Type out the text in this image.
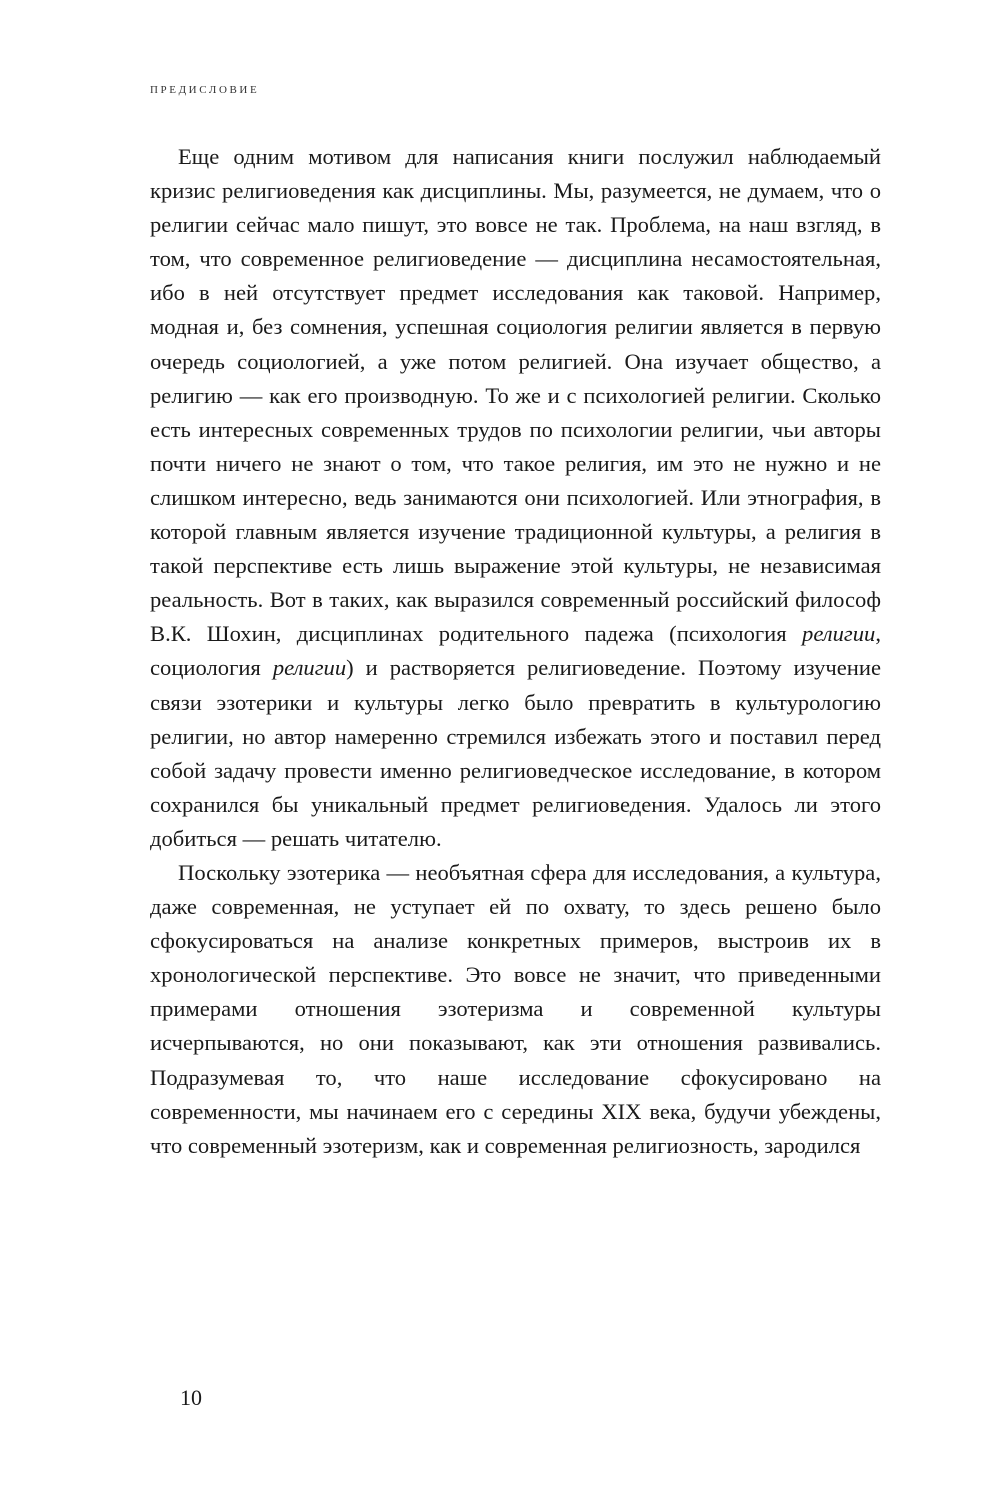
ПРЕДИСЛОВИЕ

Еще одним мотивом для написания книги послужил наблюдаемый кризис религиоведения как дисциплины. Мы, разумеется, не думаем, что о религии сейчас мало пишут, это вовсе не так. Проблема, на наш взгляд, в том, что современное религиоведение — дисциплина несамостоятельная, ибо в ней отсутствует предмет исследования как таковой. Например, модная и, без сомнения, успешная социология религии является в первую очередь социологией, а уже потом религией. Она изучает общество, а религию — как его производную. То же и с психологией религии. Сколько есть интересных современных трудов по психологии религии, чьи авторы почти ничего не знают о том, что такое религия, им это не нужно и не слишком интересно, ведь занимаются они психологией. Или этнография, в которой главным является изучение традиционной культуры, а религия в такой перспективе есть лишь выражение этой культуры, не независимая реальность. Вот в таких, как выразился современный российский философ В.К. Шохин, дисциплинах родительного падежа (психология религии, социология религии) и растворяется религиоведение. Поэтому изучение связи эзотерики и культуры легко было превратить в культурологию религии, но автор намеренно стремился избежать этого и поставил перед собой задачу провести именно религиоведческое исследование, в котором сохранился бы уникальный предмет религиоведения. Удалось ли этого добиться — решать читателю.

Поскольку эзотерика — необъятная сфера для исследования, а культура, даже современная, не уступает ей по охвату, то здесь решено было сфокусироваться на анализе конкретных примеров, выстроив их в хронологической перспективе. Это вовсе не значит, что приведенными примерами отношения эзотеризма и современной культуры исчерпываются, но они показывают, как эти отношения развивались. Подразумевая то, что наше исследование сфокусировано на современности, мы начинаем его с середины XIX века, будучи убеждены, что современный эзотеризм, как и современная религиозность, зародился

10
